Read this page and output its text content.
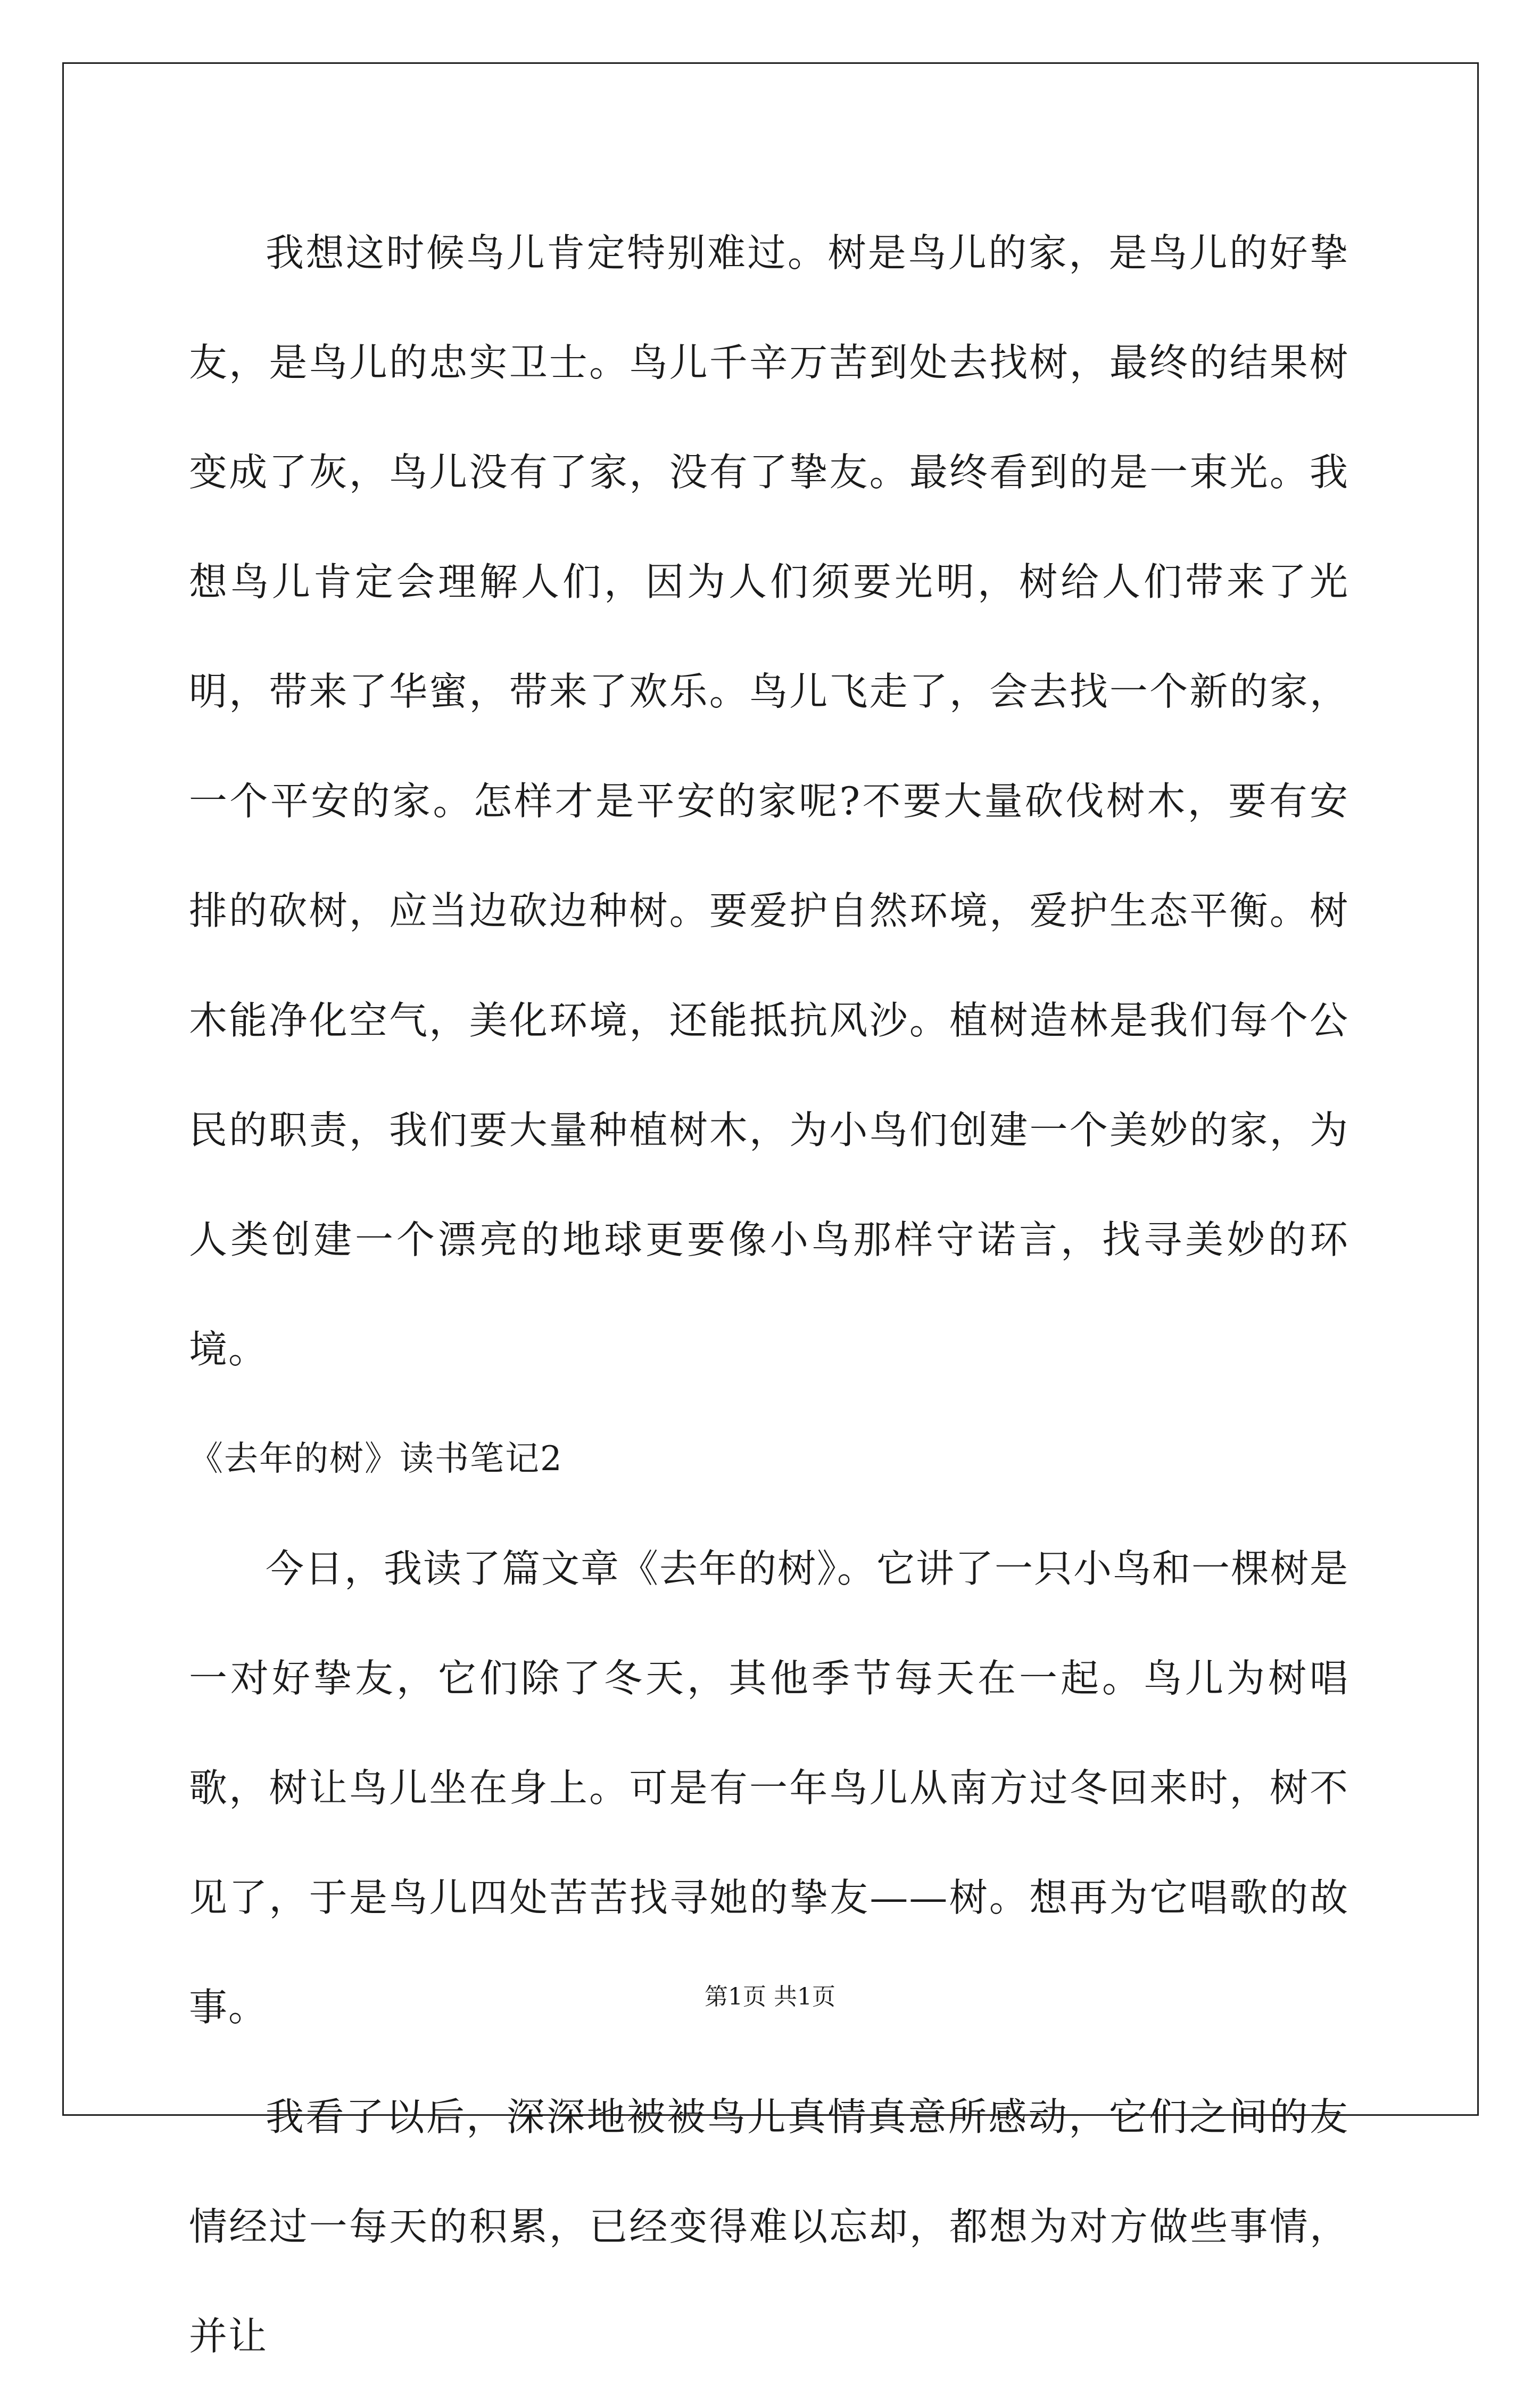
我想这时候鸟儿肯定特别难过。树是鸟儿的家，是鸟儿的好挚友，是鸟儿的忠实卫士。鸟儿千辛万苦到处去找树，最终的结果树变成了灰，鸟儿没有了家，没有了挚友。最终看到的是一束光。我想鸟儿肯定会理解人们，因为人们须要光明，树给人们带来了光明，带来了华蜜，带来了欢乐。鸟儿飞走了，会去找一个新的家，一个平安的家。怎样才是平安的家呢?不要大量砍伐树木，要有安排的砍树，应当边砍边种树。要爱护自然环境，爱护生态平衡。树木能净化空气，美化环境，还能抵抗风沙。植树造林是我们每个公民的职责，我们要大量种植树木，为小鸟们创建一个美妙的家，为人类创建一个漂亮的地球更要像小鸟那样守诺言，找寻美妙的环境。

《去年的树》读书笔记2

今日，我读了篇文章《去年的树》。它讲了一只小鸟和一棵树是一对好挚友，它们除了冬天，其他季节每天在一起。鸟儿为树唱歌，树让鸟儿坐在身上。可是有一年鸟儿从南方过冬回来时，树不见了，于是鸟儿四处苦苦找寻她的挚友——树。想再为它唱歌的故事。

我看了以后，深深地被被鸟儿真情真意所感动，它们之间的友情经过一每天的积累，已经变得难以忘却，都想为对方做些事情，并让

第1页 共1页
